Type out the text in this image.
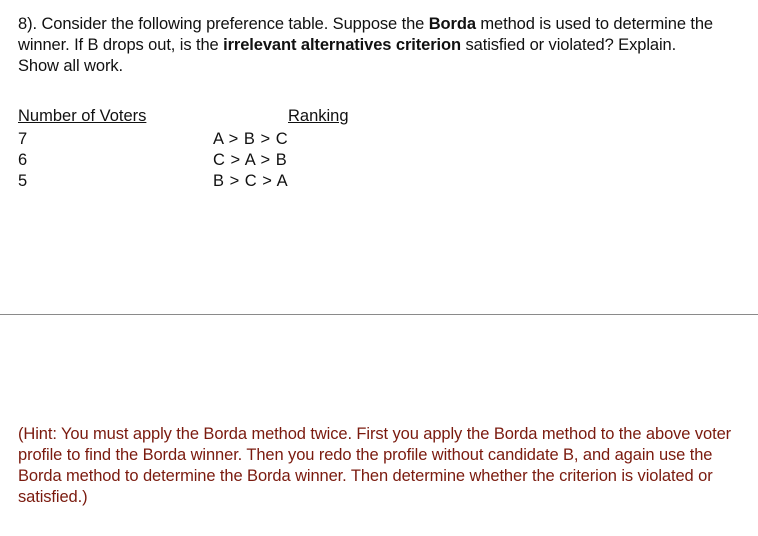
8). Consider the following preference table. Suppose the Borda method is used to determine the winner. If B drops out, is the irrelevant alternatives criterion satisfied or violated? Explain. Show all work.
Number of Voters	Ranking
7
6
5
A > B > C
C > A > B
B > C > A
(Hint: You must apply the Borda method twice. First you apply the Borda method to the above voter profile to find the Borda winner. Then you redo the profile without candidate B, and again use the Borda method to determine the Borda winner. Then determine whether the criterion is violated or satisfied.)
